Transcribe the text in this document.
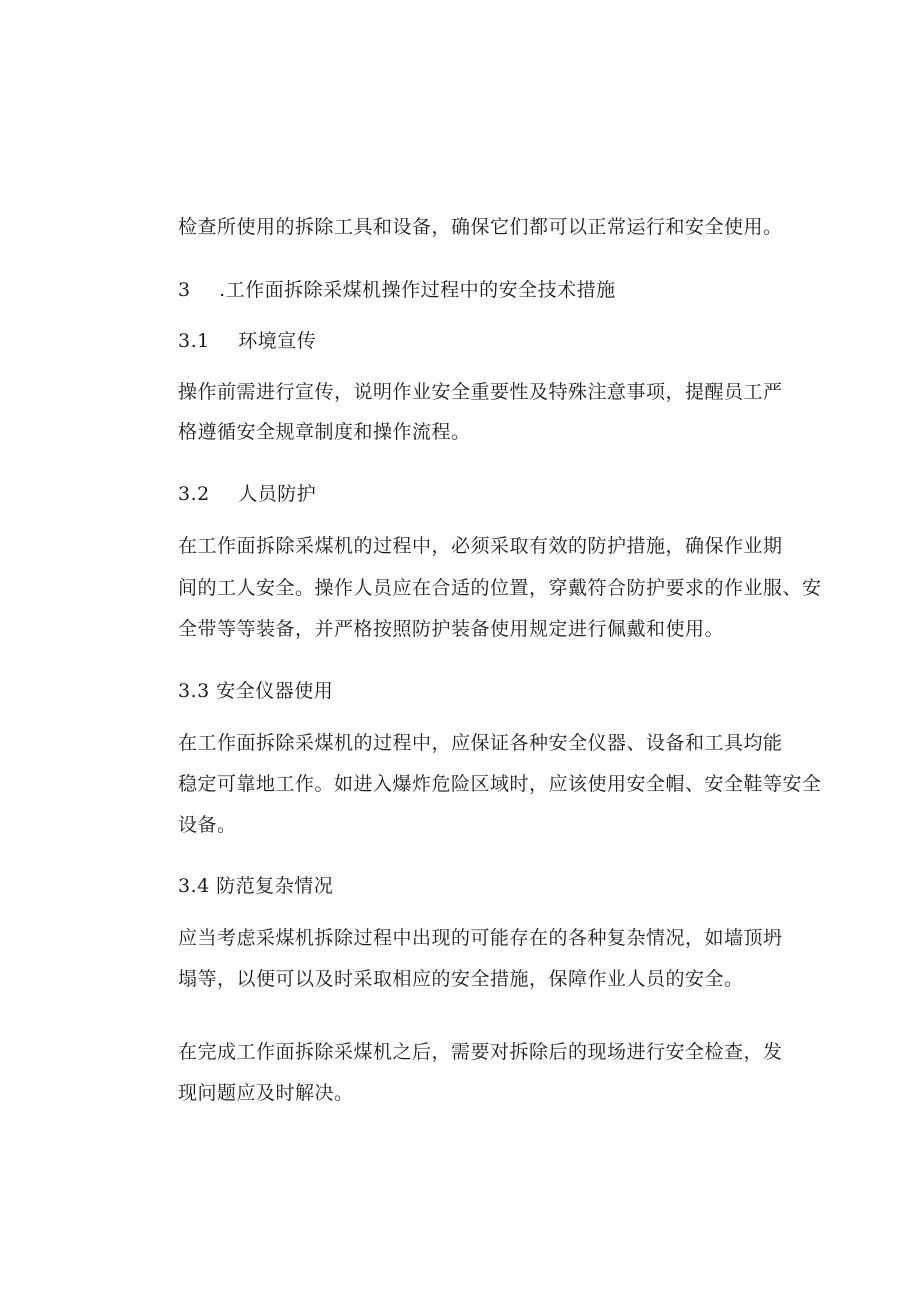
检查所使用的拆除工具和设备，确保它们都可以正常运行和安全使用。
3 .工作面拆除采煤机操作过程中的安全技术措施
3.1 环境宣传
操作前需进行宣传，说明作业安全重要性及特殊注意事项，提醒员工严
格遵循安全规章制度和操作流程。
3.2 人员防护
在工作面拆除采煤机的过程中，必须采取有效的防护措施，确保作业期
间的工人安全。操作人员应在合适的位置，穿戴符合防护要求的作业服、安
全带等等装备，并严格按照防护装备使用规定进行佩戴和使用。
3.3 安全仪器使用
在工作面拆除采煤机的过程中，应保证各种安全仪器、设备和工具均能
稳定可靠地工作。如进入爆炸危险区域时，应该使用安全帽、安全鞋等安全
设备。
3.4 防范复杂情况
应当考虑采煤机拆除过程中出现的可能存在的各种复杂情况，如墙顶坍
塌等，以便可以及时采取相应的安全措施，保障作业人员的安全。
在完成工作面拆除采煤机之后，需要对拆除后的现场进行安全检查，发
现问题应及时解决。
